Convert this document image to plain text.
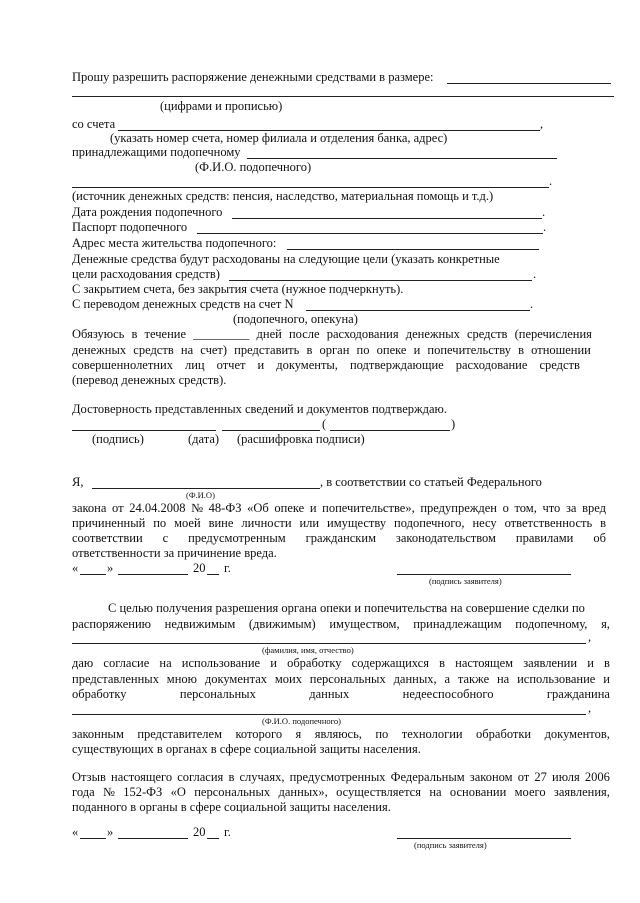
Прошу разрешить распоряжение денежными средствами в размере:
(цифрами и прописью)
со счета	,
(указать номер счета, номер филиала и отделения банка, адрес)
принадлежащими подопечному
(Ф.И.О. подопечного)
.
(источник денежных средств: пенсия, наследство, материальная помощь и т.д.)
Дата рождения подопечного	.
Паспорт подопечного	.
Адрес места жительства подопечного:
Денежные средства будут расходованы на следующие цели (указать конкретные
цели расходования средств)	.
С закрытием счета, без закрытия счета (нужное подчеркнуть).
С переводом денежных средств на счет N	.
(подопечного, опекуна)
Обязуюсь в течение _________ дней после расходования денежных средств (перечисления
денежных средств на счет) представить в орган по опеке и попечительству в отношении
совершеннолетних лиц отчет и документы, подтверждающие расходование средств
(перевод денежных средств).
Достоверность представленных сведений и документов подтверждаю.
(	)
(подпись)	(дата) (расшифровка подписи)
Я,	, в соответствии со статьей Федерального
(Ф.И.О)
закона от 24.04.2008 № 48-ФЗ «Об опеке и попечительстве», предупрежден о том, что за вред
причиненный по моей вине личности или имуществу подопечного, несу ответственность в
соответствии с предусмотренным гражданским законодательством правилами об
ответственности за причинение вреда.
« »	20 г.
(подпись заявителя)
С целью получения разрешения органа опеки и попечительства на совершение сделки по
распоряжению недвижимым (движимым) имуществом, принадлежащим подопечному, я,
,
(фамилия, имя, отчество)
даю согласие на использование и обработку содержащихся в настоящем заявлении и в
представленных мною документах моих персональных данных, а также на использование и
обработку	персональных	данных	недееспособного	гражданина
,
(Ф.И.О. подопечного)
законным представителем которого я являюсь, по технологии обработки документов,
существующих в органах в сфере социальной защиты населения.
Отзыв настоящего согласия в случаях, предусмотренных Федеральным законом от 27 июля 2006
года № 152-ФЗ «О персональных данных», осуществляется на основании моего заявления,
поданного в органы в сфере социальной защиты населения.
« »	20 г.
(подпись заявителя)
